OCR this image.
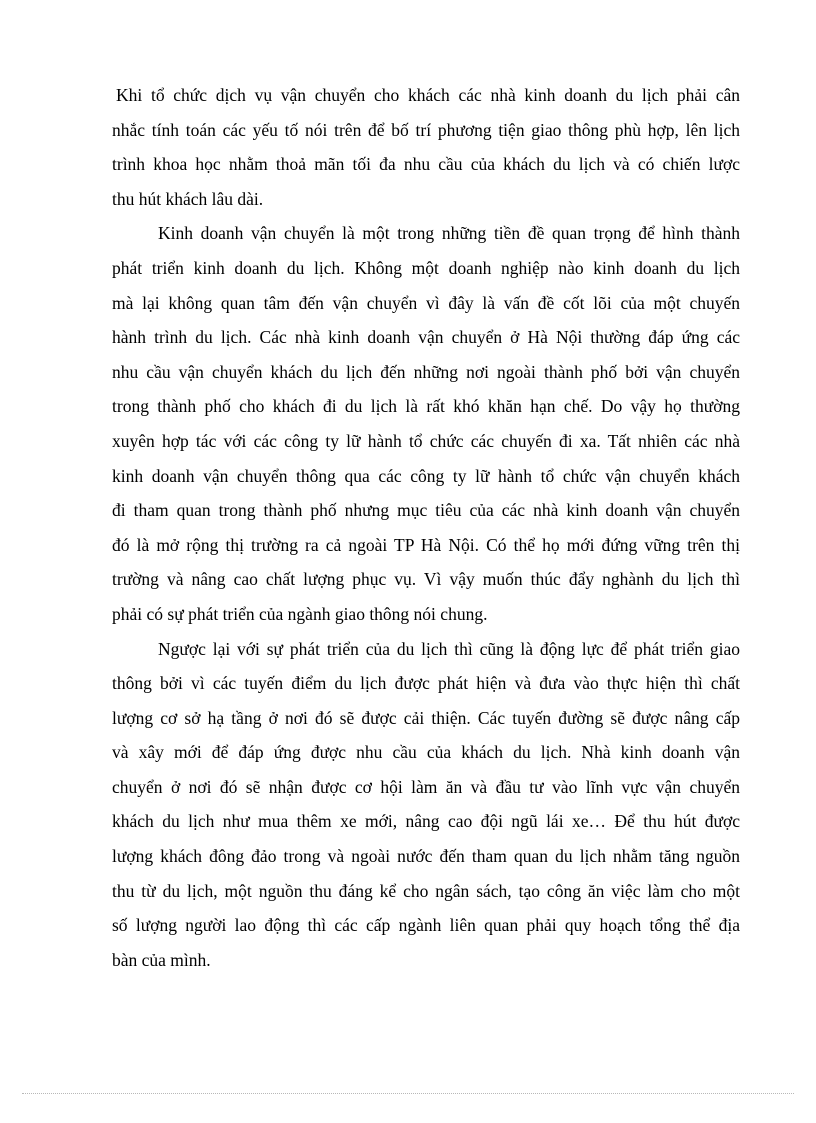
Khi tổ chức dịch vụ vận chuyển cho khách các nhà kinh doanh du lịch phải cân
nhắc tính toán các yếu tố nói trên để bố trí phương tiện giao thông phù hợp, lên lịch
trình khoa học nhằm thoả mãn tối đa nhu cầu của khách du lịch và có chiến lược
thu hút khách lâu dài.

Kinh doanh vận chuyển là một trong những tiền đề quan trọng để hình thành
phát triển kinh doanh du lịch. Không một doanh nghiệp nào kinh doanh du lịch
mà lại không quan tâm đến vận chuyển vì đây là vấn đề cốt lõi của một chuyến
hành trình du lịch. Các nhà kinh doanh vận chuyển ở Hà Nội thường đáp ứng các
nhu cầu vận chuyển khách du lịch đến những nơi ngoài thành phố bởi vận chuyển
trong thành phố cho khách đi du lịch là rất khó khăn hạn chế. Do vậy họ thường
xuyên hợp tác với các công ty lữ hành tổ chức các chuyến đi xa. Tất nhiên các nhà
kinh doanh vận chuyển thông qua các công ty lữ hành tổ chức vận chuyển khách
đi tham quan trong thành phố nhưng mục tiêu của các nhà kinh doanh vận chuyển
đó là mở rộng thị trường ra cả ngoài TP Hà Nội. Có thể họ mới đứng vững trên thị
trường và nâng cao chất lượng phục vụ. Vì vậy muốn thúc đẩy nghành du lịch thì
phải có sự phát triển của ngành giao thông nói chung.

Ngược lại với sự phát triển của du lịch thì cũng là động lực để phát triển giao
thông bởi vì các tuyến điểm du lịch được phát hiện và đưa vào thực hiện thì chất
lượng cơ sở hạ tầng ở nơi đó sẽ được cải thiện. Các tuyến đường sẽ được nâng cấp
và xây mới để đáp ứng được nhu cầu của khách du lịch. Nhà kinh doanh vận
chuyển ở nơi đó sẽ nhận được cơ hội làm ăn và đầu tư vào lĩnh vực vận chuyển
khách du lịch như mua thêm xe mới, nâng cao đội ngũ lái xe… Để thu hút được
lượng khách đông đảo trong và ngoài nước đến tham quan du lịch nhằm tăng nguồn
thu từ du lịch, một nguồn thu đáng kể cho ngân sách, tạo công ăn việc làm cho một
số lượng người lao động thì các cấp ngành liên quan phải quy hoạch tổng thể địa
bàn của mình.
